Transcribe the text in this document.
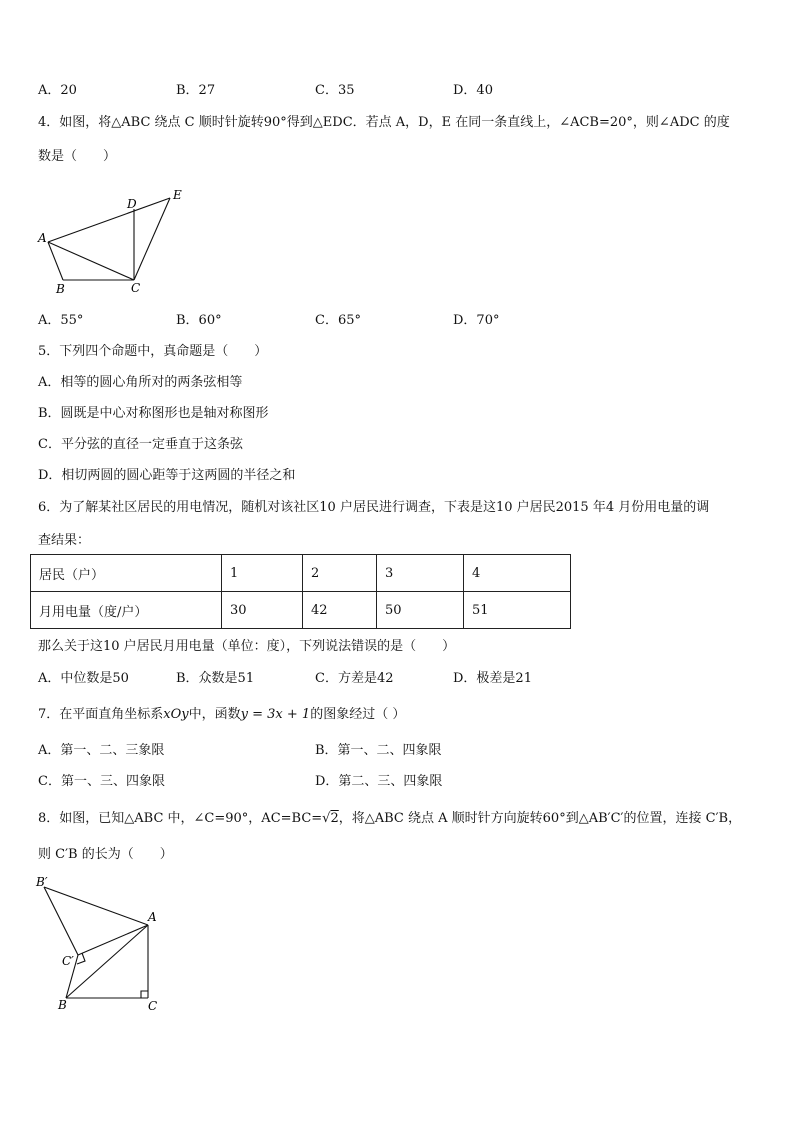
A．20	B．27	C．35	D．40
4．如图，将△ABC 绕点 C 顺时针旋转90°得到△EDC．若点 A，D，E 在同一条直线上，∠ACB=20°，则∠ADC 的度
数是（　　）
A
B	C
D
E
A．55°	B．60°	C．65°	D．70°
5．下列四个命题中，真命题是（　　）
A．相等的圆心角所对的两条弦相等
B．圆既是中心对称图形也是轴对称图形
C．平分弦的直径一定垂直于这条弦
D．相切两圆的圆心距等于这两圆的半径之和
6．为了解某社区居民的用电情况，随机对该社区10 户居民进行调查，下表是这10 户居民2015 年4 月份用电量的调
查结果：
居民（户）	1	2	3	4
月用电量（度/户）	30	42	50	51
那么关于这10 户居民月用电量（单位：度），下列说法错误的是（　　）
A．中位数是50	B．众数是51	C．方差是42	D．极差是21
7．在平面直角坐标系xOy中，函数y = 3x + 1的图象经过（ ）
A．第一、二、三象限	B．第一、二、四象限
C．第一、三、四象限	D．第二、三、四象限
8．如图，已知△ABC 中，∠C=90°，AC=BC=√2，将△ABC 绕点 A 顺时针方向旋转60°到△AB′C′的位置，连接 C′B，
则 C′B 的长为（　　）
B′
A
C′
B	C
